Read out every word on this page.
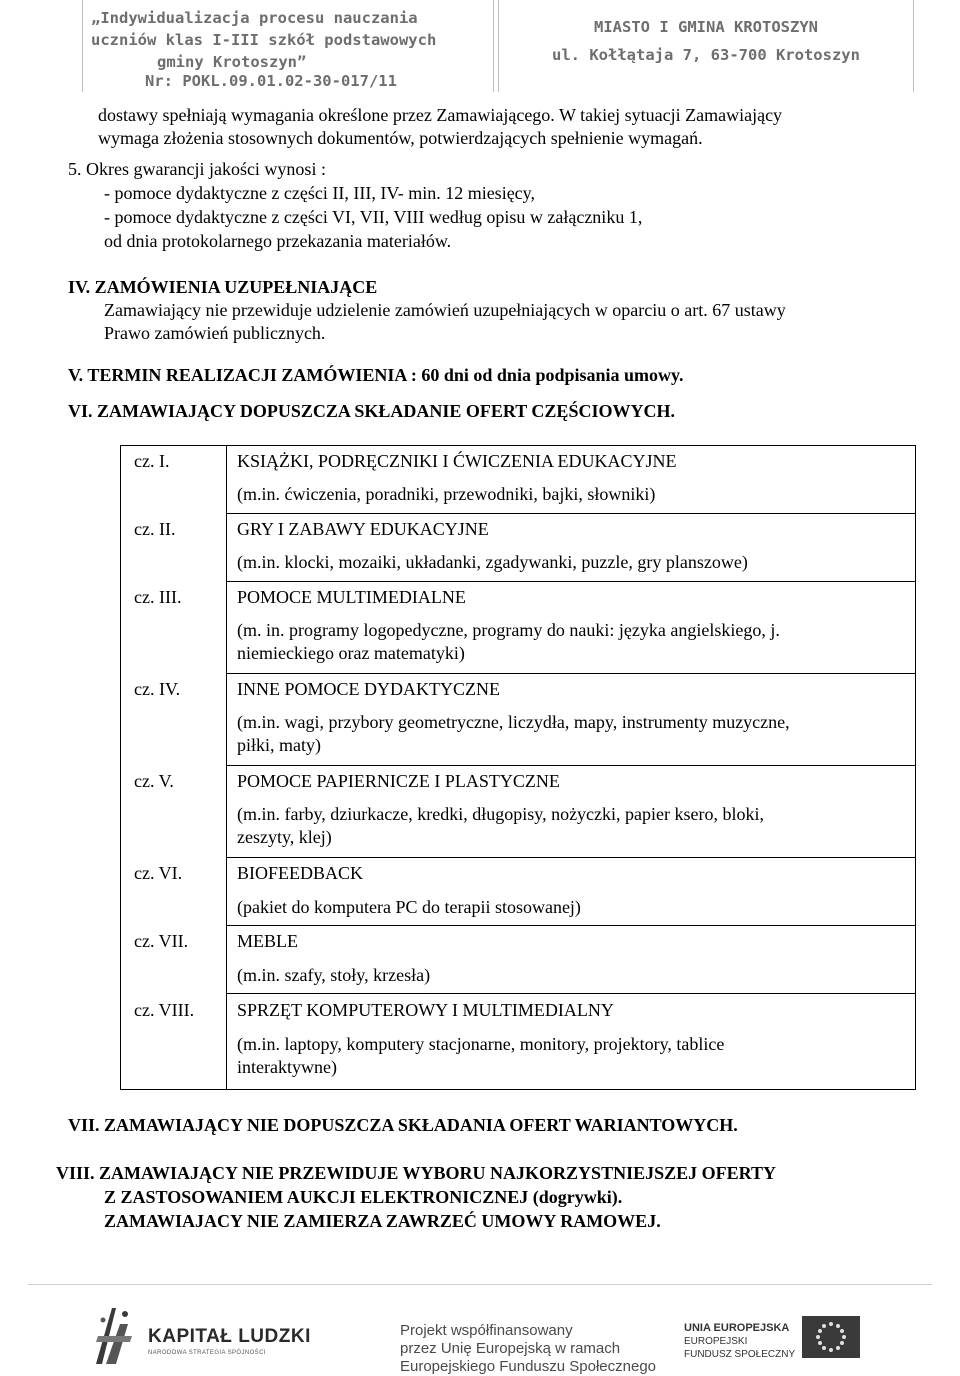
„Indywidualizacja procesu nauczania
uczniów klas I-III szkół podstawowych
gminy Krotoszyn”
Nr: POKL.09.01.02-30-017/11
MIASTO I GMINA KROTOSZYN
ul. Kołłątaja 7, 63-700 Krotoszyn
dostawy spełniają wymagania określone przez Zamawiającego. W takiej sytuacji Zamawiający
wymaga złożenia stosownych dokumentów, potwierdzających spełnienie wymagań.
5. Okres gwarancji jakości wynosi :
- pomoce dydaktyczne z części II, III, IV- min. 12 miesięcy,
- pomoce dydaktyczne z części VI, VII, VIII według opisu w załączniku 1,
od dnia protokolarnego przekazania materiałów.
IV. ZAMÓWIENIA UZUPEŁNIAJĄCE
Zamawiający nie przewiduje udzielenie zamówień uzupełniających w oparciu o art. 67 ustawy
Prawo zamówień publicznych.
V. TERMIN REALIZACJI ZAMÓWIENIA : 60 dni od dnia podpisania umowy.
VI. ZAMAWIAJĄCY DOPUSZCZA SKŁADANIE OFERT CZĘŚCIOWYCH.
cz. I.	KSIĄŻKI, PODRĘCZNIKI I ĆWICZENIA EDUKACYJNE
(m.in. ćwiczenia, poradniki, przewodniki, bajki, słowniki)
cz. II.	GRY I ZABAWY EDUKACYJNE
(m.in. klocki, mozaiki, układanki, zgadywanki, puzzle, gry planszowe)
cz. III.	POMOCE MULTIMEDIALNE
(m. in. programy logopedyczne, programy do nauki: języka angielskiego, j.
niemieckiego oraz matematyki)
cz. IV.	INNE POMOCE DYDAKTYCZNE
(m.in. wagi, przybory geometryczne, liczydła, mapy, instrumenty muzyczne,
piłki, maty)
cz. V.	POMOCE PAPIERNICZE I PLASTYCZNE
(m.in. farby, dziurkacze, kredki, długopisy, nożyczki, papier ksero, bloki,
zeszyty, klej)
cz. VI.	BIOFEEDBACK
(pakiet do komputera PC do terapii stosowanej)
cz. VII.	MEBLE
(m.in. szafy, stoły, krzesła)
cz. VIII. SPRZĘT KOMPUTEROWY I MULTIMEDIALNY
(m.in. laptopy, komputery stacjonarne, monitory, projektory, tablice
interaktywne)
VII. ZAMAWIAJĄCY NIE DOPUSZCZA SKŁADANIA OFERT WARIANTOWYCH.
VIII. ZAMAWIAJĄCY NIE PRZEWIDUJE WYBORU NAJKORZYSTNIEJSZEJ OFERTY
Z ZASTOSOWANIEM AUKCJI ELEKTRONICZNEJ (dogrywki).
ZAMAWIAJACY NIE ZAMIERZA ZAWRZEĆ UMOWY RAMOWEJ.
KAPITAŁ LUDZKI
NARODOWA STRATEGIA SPÓJNOŚCI
Projekt współfinansowany
przez Unię Europejską w ramach
Europejskiego Funduszu Społecznego
UNIA EUROPEJSKA
EUROPEJSKI
FUNDUSZ SPOŁECZNY
